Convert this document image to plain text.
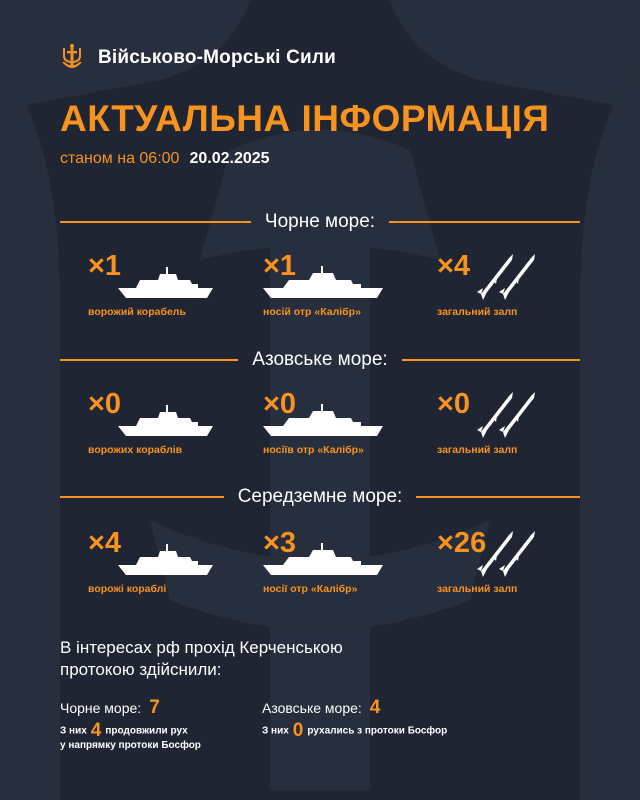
Військово-Морські Сили
АКТУАЛЬНА ІНФОРМАЦІЯ
станом на 06:00 20.02.2025
Чорне море:
×1
ворожий корабель
×1
носій отр «Калібр»
×4
загальний залп
Азовське море:
×0
ворожих кораблів
×0
носіїв отр «Калібр»
×0
загальний залп
Середземне море:
×4
ворожі кораблі
×3
носії отр «Калібр»
×26
загальний залп
В інтересах рф прохід Керченською протокою здійснили:
Чорне море: 7
З них 4 продовжили рух
у напрямку протоки Босфор
Азовське море: 4
З них 0 рухались з протоки Босфор
